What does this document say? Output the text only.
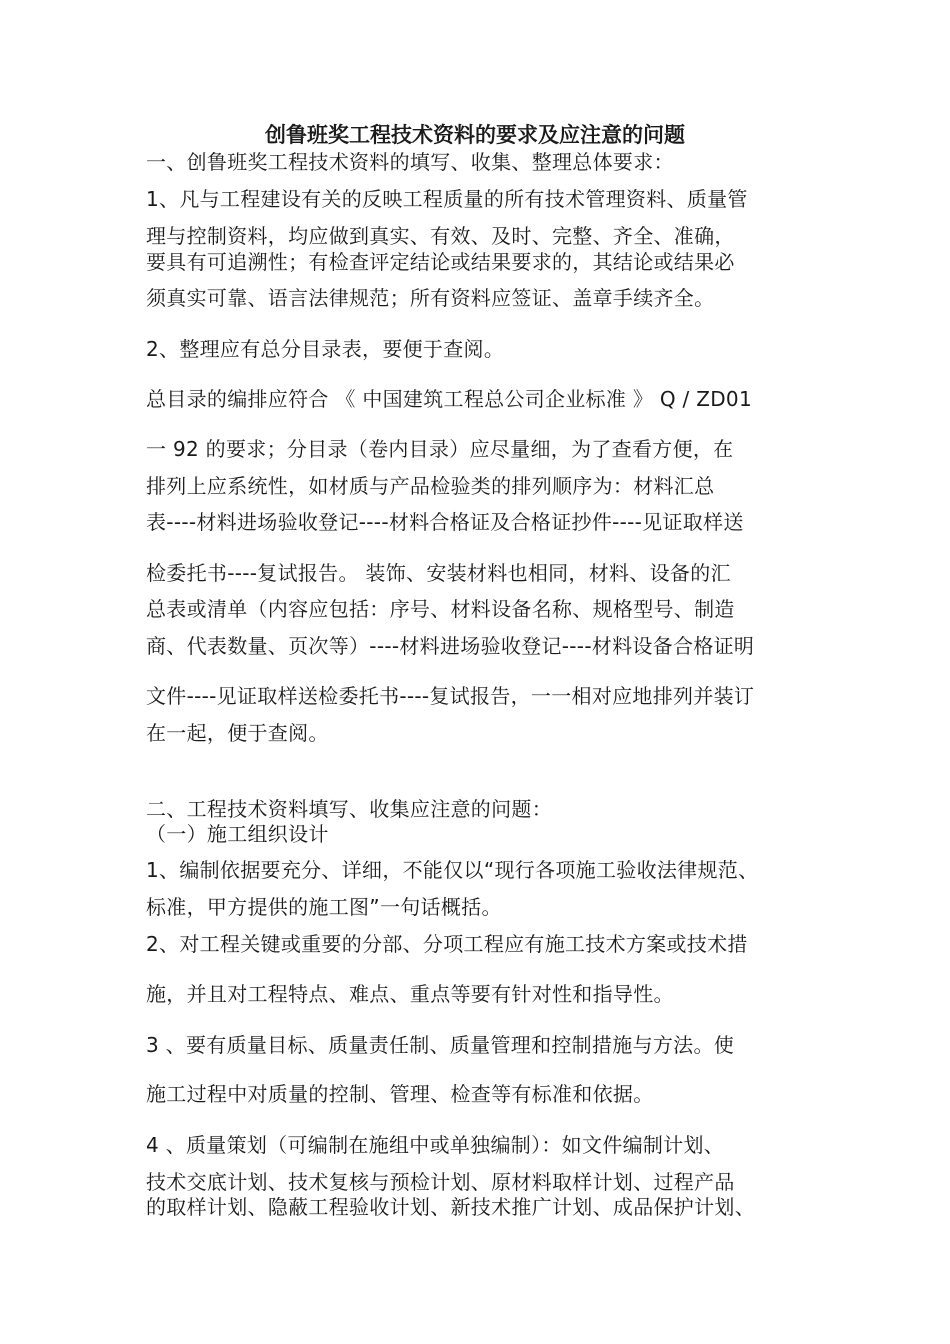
创鲁班奖工程技术资料的要求及应注意的问题
一、创鲁班奖工程技术资料的填写、收集、整理总体要求：
1、凡与工程建设有关的反映工程质量的所有技术管理资料、质量管
理与控制资料，均应做到真实、有效、及时、完整、齐全、准确，
要具有可追溯性；有检查评定结论或结果要求的，其结论或结果必
须真实可靠、语言法律规范；所有资料应签证、盖章手续齐全。
2、整理应有总分目录表，要便于查阅。
总目录的编排应符合 《 中国建筑工程总公司企业标准 》 Q / ZD01
一 92 的要求；分目录（卷内目录）应尽量细，为了查看方便，在
排列上应系统性，如材质与产品检验类的排列顺序为：材料汇总
表----材料进场验收登记----材料合格证及合格证抄件----见证取样送
检委托书----复试报告。 装饰、安装材料也相同，材料、设备的汇
总表或清单（内容应包括：序号、材料设备名称、规格型号、制造
商、代表数量、页次等）----材料进场验收登记----材料设备合格证明
文件----见证取样送检委托书----复试报告，一一相对应地排列并装订
在一起，便于查阅。
二、工程技术资料填写、收集应注意的问题：
（一）施工组织设计
1、编制依据要充分、详细，不能仅以“现行各项施工验收法律规范、
标准，甲方提供的施工图”一句话概括。
2、对工程关键或重要的分部、分项工程应有施工技术方案或技术措
施，并且对工程特点、难点、重点等要有针对性和指导性。
3 、要有质量目标、质量责任制、质量管理和控制措施与方法。使
施工过程中对质量的控制、管理、检查等有标准和依据。
4 、质量策划（可编制在施组中或单独编制）：如文件编制计划、
技术交底计划、技术复核与预检计划、原材料取样计划、过程产品
的取样计划、隐蔽工程验收计划、新技术推广计划、成品保护计划、
